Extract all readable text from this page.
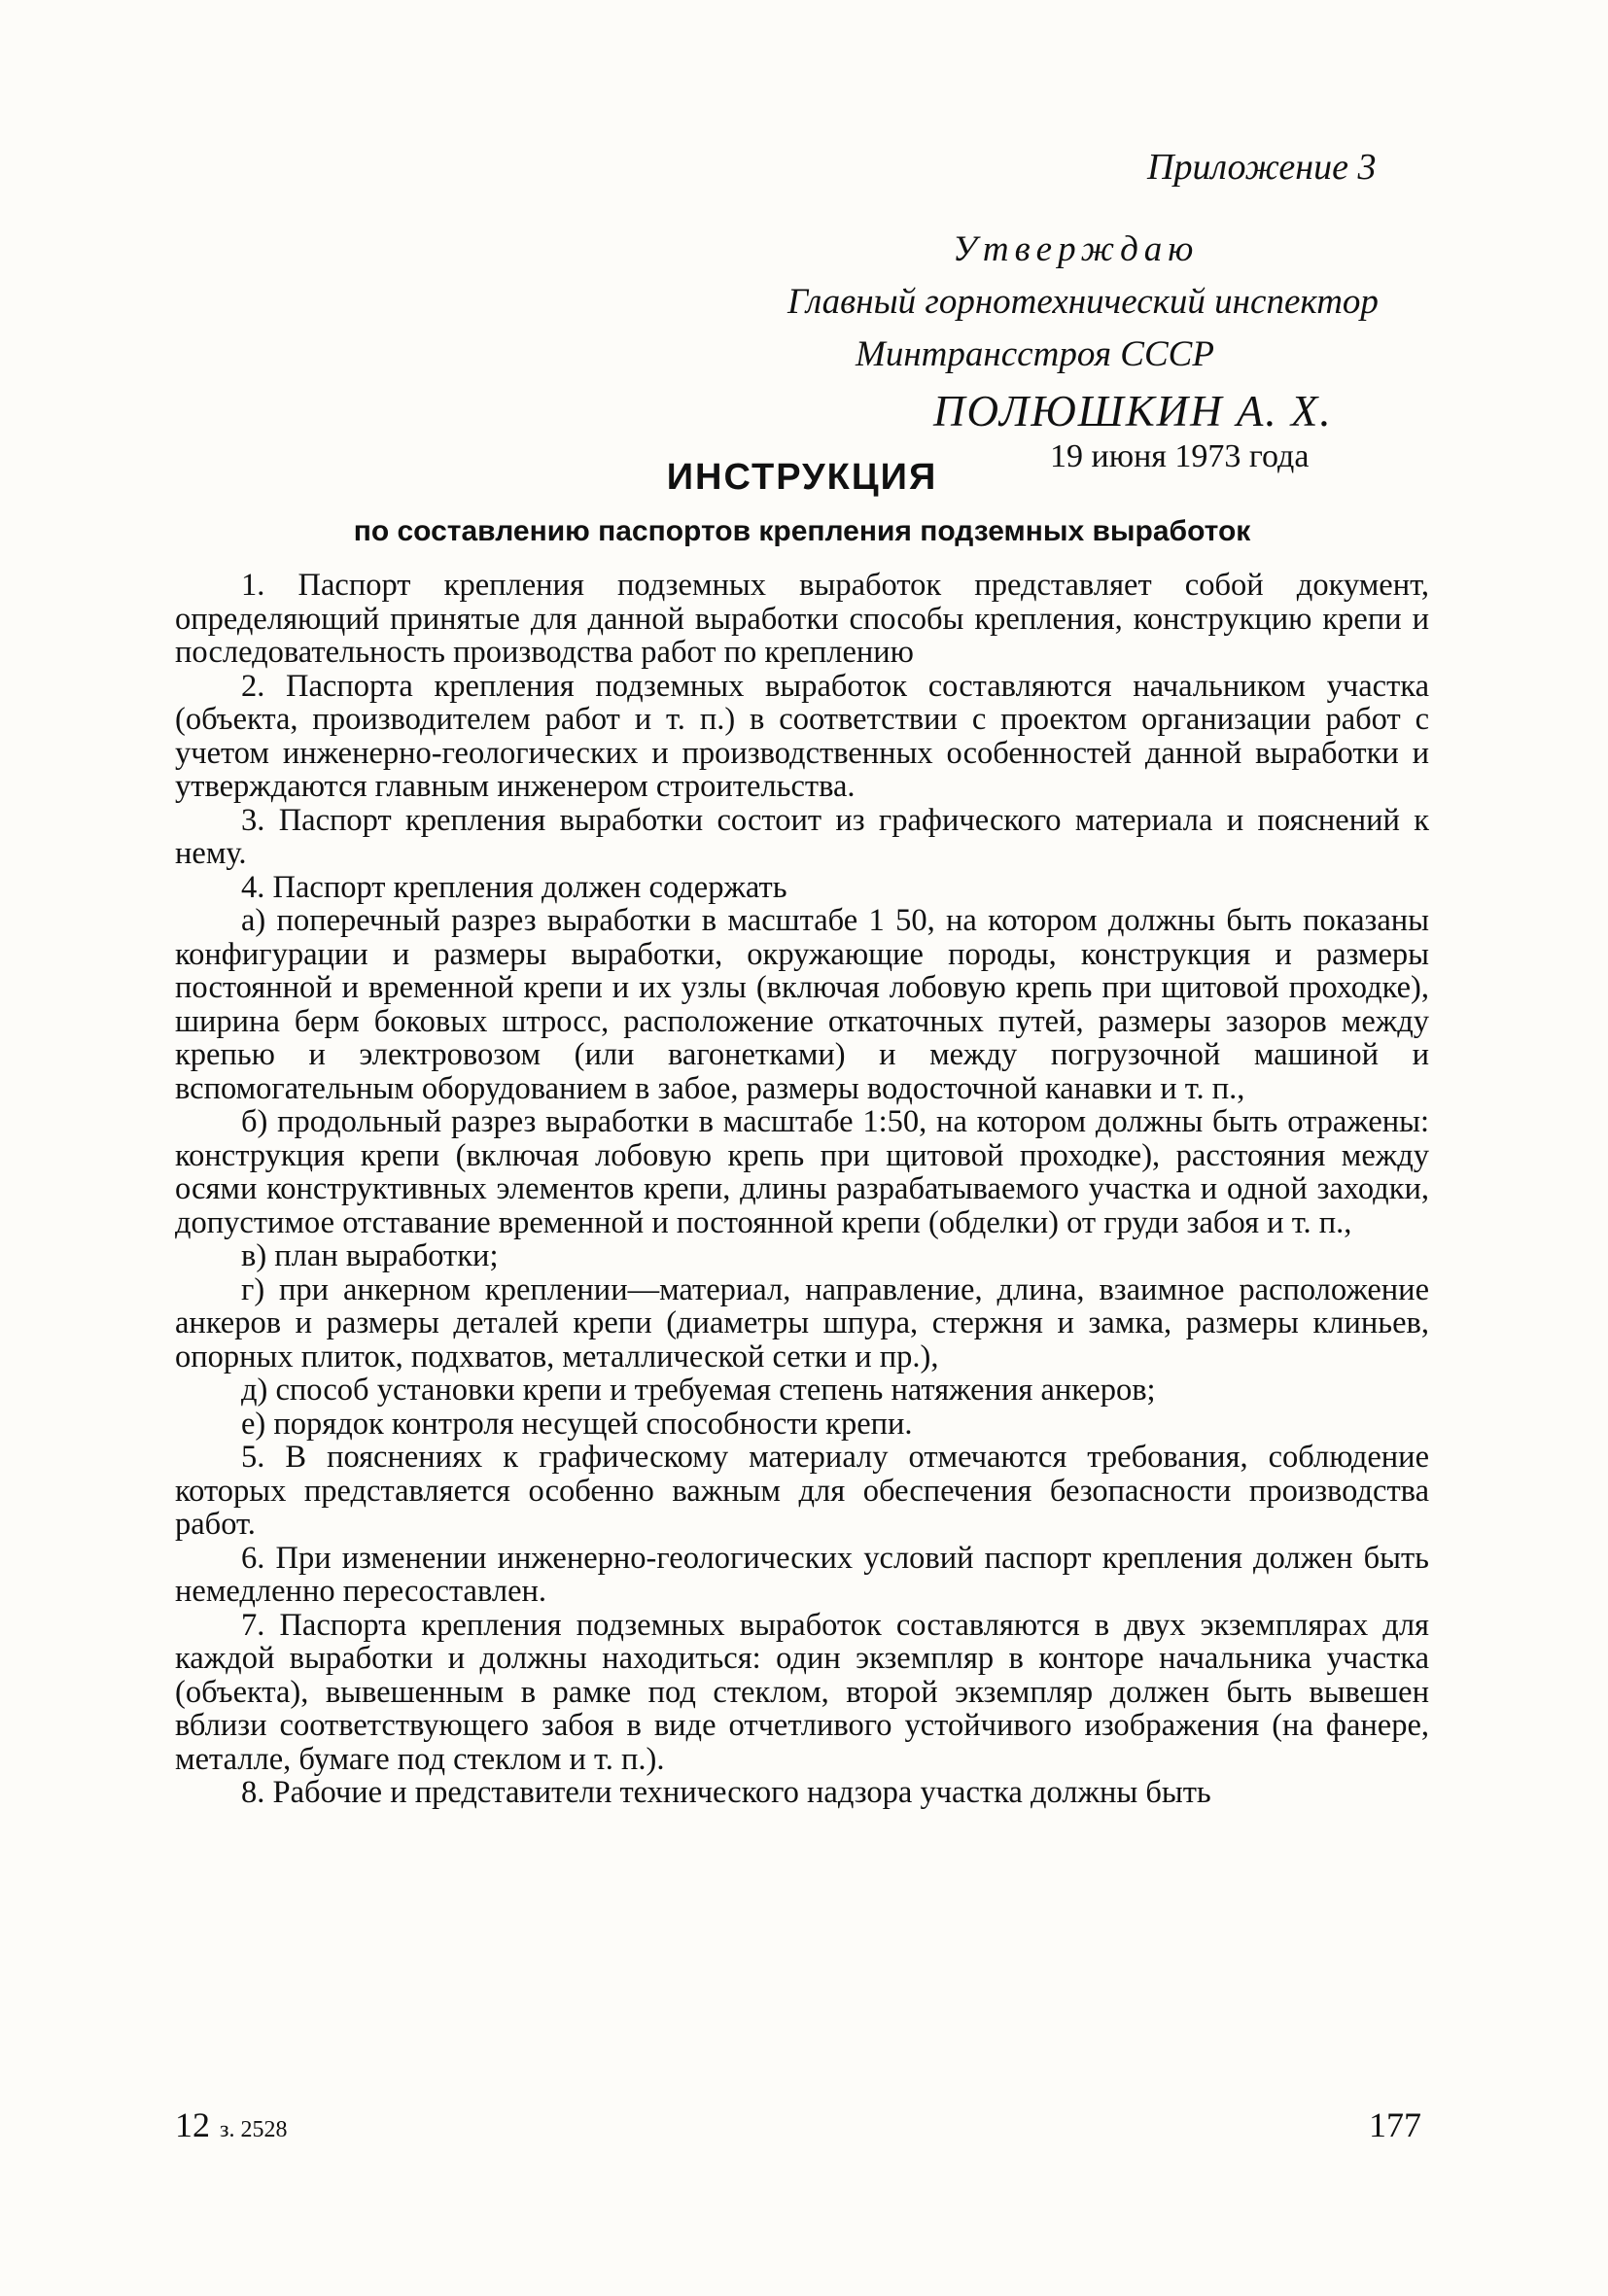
Приложение 3
Утверждаю
Главный горнотехнический инспектор
Минтрансстроя СССР
ПОЛЮШКИН А. Х.
19 июня 1973 года
ИНСТРУКЦИЯ
по составлению паспортов крепления подземных выработок

1. Паспорт крепления подземных выработок представляет собой документ, определяющий принятые для данной выработки способы крепления, конструкцию крепи и последовательность производства работ по креплению

2. Паспорта крепления подземных выработок составляются начальником участка (объекта, производителем работ и т. п.) в соответствии с проектом организации работ с учетом инженерно-геологических и производственных особенностей данной выработки и утверждаются главным инженером строительства.

3. Паспорт крепления выработки состоит из графического материала и пояснений к нему.

4. Паспорт крепления должен содержать

а) поперечный разрез выработки в масштабе 1 50, на котором должны быть показаны конфигурации и размеры выработки, окружающие породы, конструкция и размеры постоянной и временной крепи и их узлы (включая лобовую крепь при щитовой проходке), ширина берм боковых штросс, расположение откаточных путей, размеры зазоров между крепью и электровозом (или вагонетками) и между погрузочной машиной и вспомогательным оборудованием в забое, размеры водосточной канавки и т. п.,

б) продольный разрез выработки в масштабе 1:50, на котором должны быть отражены: конструкция крепи (включая лобовую крепь при щитовой проходке), расстояния между осями конструктивных элементов крепи, длины разрабатываемого участка и одной заходки, допустимое отставание временной и постоянной крепи (обделки) от груди забоя и т. п.,

в) план выработки;

г) при анкерном креплении—материал, направление, длина, взаимное расположение анкеров и размеры деталей крепи (диаметры шпура, стержня и замка, размеры клиньев, опорных плиток, подхватов, металлической сетки и пр.),

д) способ установки крепи и требуемая степень натяжения анкеров;

е) порядок контроля несущей способности крепи.

5. В пояснениях к графическому материалу отмечаются требования, соблюдение которых представляется особенно важным для обеспечения безопасности производства работ.

6. При изменении инженерно-геологических условий паспорт крепления должен быть немедленно пересоставлен.

7. Паспорта крепления подземных выработок составляются в двух экземплярах для каждой выработки и должны находиться: один экземпляр в конторе начальника участка (объекта), вывешенным в рамке под стеклом, второй экземпляр должен быть вывешен вблизи соответствующего забоя в виде отчетливого устойчивого изображения (на фанере, металле, бумаге под стеклом и т. п.).

8. Рабочие и представители технического надзора участка должны быть

12 з. 2528	177
